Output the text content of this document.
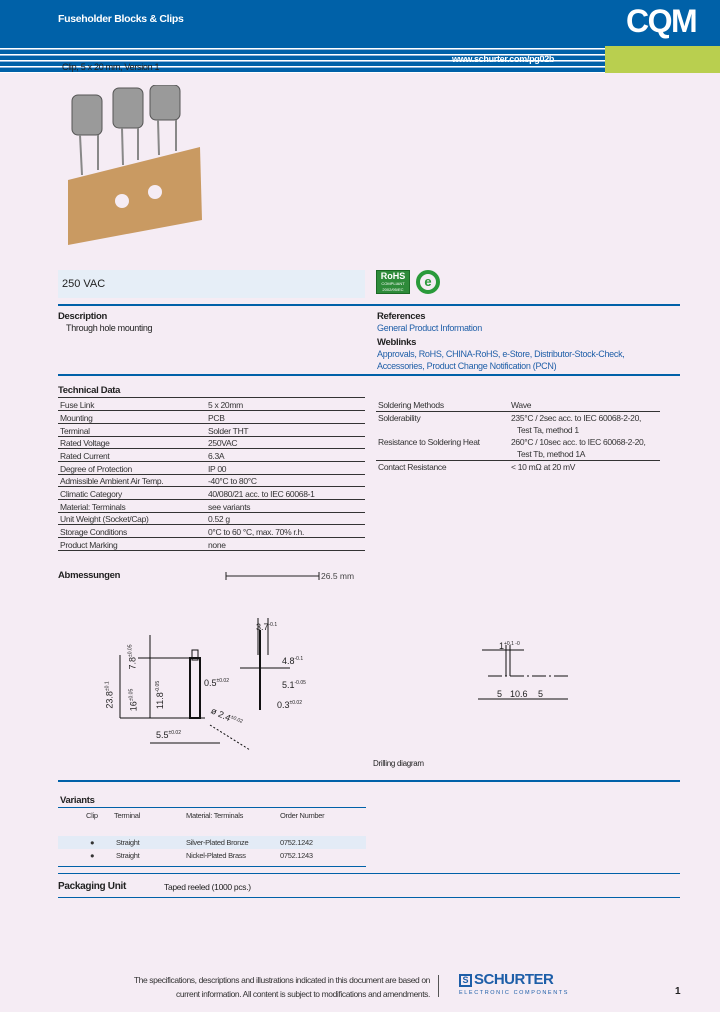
Fuseholder Blocks & Clips	CQM
www.schurter.com/pg02b
Clip, 5 x 20 mm, Version 1
250 VAC
RoHS
COMPLIANT
2002/95/EC
e
Description
Through hole mounting
References
General Product Information
Weblinks
Approvals, RoHS, CHINA-RoHS, e-Store, Distributor-Stock-Check,
Accessories, Product Change Notification (PCN)
Technical Data
Fuse Link	5 x 20mm
Mounting	PCB
Terminal	Solder THT
Rated Voltage	250VAC
Rated Current	6.3A
Degree of Protection	IP 00
Admissible Ambient Air Temp.	-40°C to 80°C
Climatic Category	40/080/21 acc. to IEC 60068-1
Material: Terminals	see variants
Unit Weight (Socket/Cap)	0.52 g
Storage Conditions	0°C to 60 °C, max. 70% r.h.
Product Marking	none
Soldering Methods	Wave

Solderability	235°C / 2sec acc. to IEC 60068-2-20,
Test Ta, method 1

Resistance to Soldering Heat	260°C / 10sec acc. to IEC 60068-2-20,
Test Tb, method 1A

Contact Resistance	< 10 mΩ at 20 mV
Abmessungen	26.5 mm
$3.7^{-0.1}$
$4.8^{-0.1}$
$5.1^{-0.05}$
$0.3^{\pm 0.02}$
$0.5^{\pm 0.02}$
ø $2.4^{\pm 0.02}$
$5.5^{\pm 0.02}$
$23.8^{\pm 0.1}$
$16^{\pm 0.05}$
$7.8^{\pm 0.05}$
$11.8^{-0.05}$
$1^{+0.1 -0}$
5 10.6 5
Drilling diagram
Variants
Clip	Terminal	Material: Terminals	Order Number

●	Straight	Silver-Plated Bronze	0752.1242
●	Straight	Nickel-Plated Brass	0752.1243
Packaging Unit	Taped reeled (1000 pcs.)
The specifications, descriptions and illustrations indicated in this document are based on
current information. All content is subject to modifications and amendments.
S SCHURTER
ELECTRONIC COMPONENTS	1
